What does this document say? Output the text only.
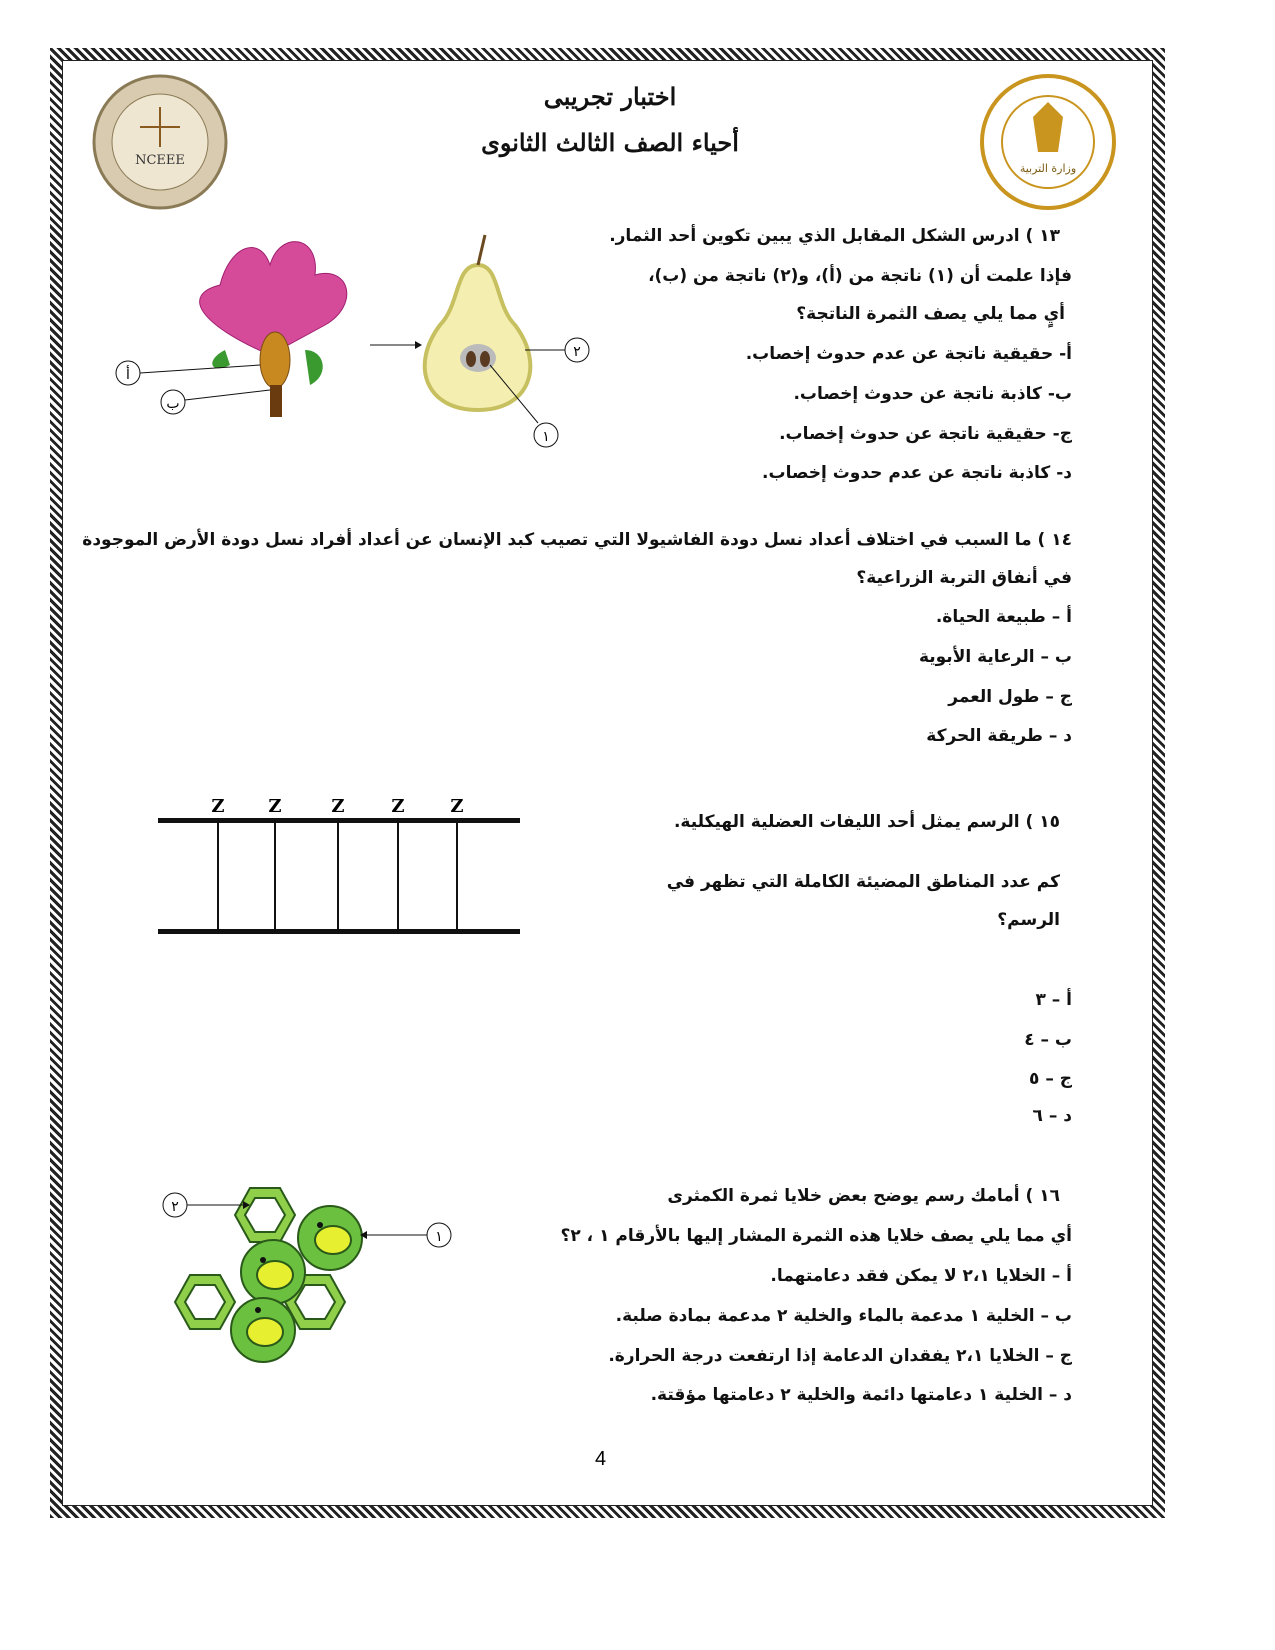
اختبار تجريبى
أحياء الصف الثالث الثانوى
NCEEE
وزارة التربية
١٣ ) ادرس الشكل المقابل الذي يبين تكوين أحد الثمار.
فإذا علمت أن (١) ناتجة من (أ)، و(٢) ناتجة من (ب)،
أيٍ مما يلي يصف الثمرة الناتجة؟
أ- حقيقية ناتجة عن عدم حدوث إخصاب.
ب- كاذبة ناتجة عن حدوث إخصاب.
ج- حقيقية ناتجة عن حدوث إخصاب.
د- كاذبة ناتجة عن عدم حدوث إخصاب.
أ
ب
٢
١
١٤ ) ما السبب في اختلاف أعداد نسل دودة الفاشيولا التي تصيب كبد الإنسان عن أعداد أفراد نسل دودة الأرض الموجودة
في أنفاق التربة الزراعية؟
أ – طبيعة الحياة.
ب – الرعاية الأبوية
ج – طول العمر
د – طريقة الحركة
١٥ ) الرسم يمثل أحد الليفات العضلية الهيكلية.
كم عدد المناطق المضيئة الكاملة التي تظهر في
الرسم؟
أ – ٣
ب – ٤
ج – ٥
د – ٦
Z Z	Z	Z	Z
١٦ ) أمامك رسم يوضح بعض خلايا ثمرة الكمثرى
أي مما يلي يصف خلايا هذه الثمرة المشار إليها بالأرقام ١ ، ٢؟
أ – الخلايا ٢،١ لا يمكن فقد دعامتهما.
ب – الخلية ١ مدعمة بالماء والخلية ٢ مدعمة بمادة صلبة.
ج – الخلايا ٢،١ يفقدان الدعامة إذا ارتفعت درجة الحرارة.
د – الخلية ١ دعامتها دائمة والخلية ٢ دعامتها مؤقتة.
٢
١
4
